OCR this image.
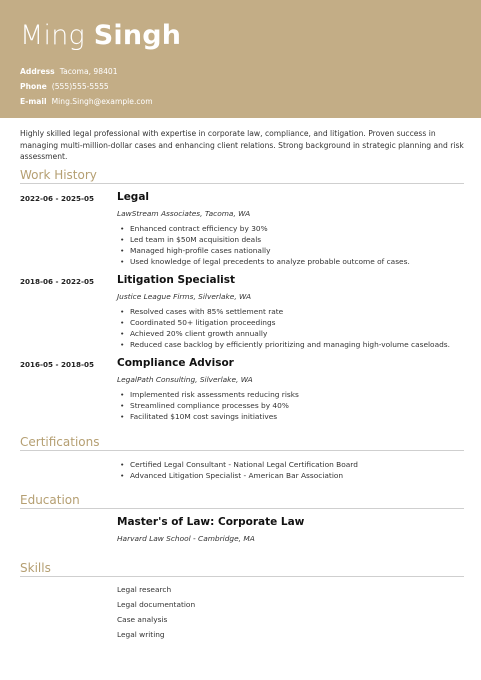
Ming Singh
Address Tacoma, 98401
Phone (555)555-5555
E-mail Ming.Singh@example.com
Highly skilled legal professional with expertise in corporate law, compliance, and litigation. Proven success in managing multi-million-dollar cases and enhancing client relations. Strong background in strategic planning and risk assessment.
Work History
2022-06 - 2025-05 Legal
LawStream Associates, Tacoma, WA
• Enhanced contract efficiency by 30%
• Led team in $50M acquisition deals
• Managed high-profile cases nationally
• Used knowledge of legal precedents to analyze probable outcome of cases.
2018-06 - 2022-05 Litigation Specialist
Justice League Firms, Silverlake, WA
• Resolved cases with 85% settlement rate
• Coordinated 50+ litigation proceedings
• Achieved 20% client growth annually
• Reduced case backlog by efficiently prioritizing and managing high-volume caseloads.
2016-05 - 2018-05 Compliance Advisor
LegalPath Consulting, Silverlake, WA
• Implemented risk assessments reducing risks
• Streamlined compliance processes by 40%
• Facilitated $10M cost savings initiatives
Certifications
• Certified Legal Consultant - National Legal Certification Board
• Advanced Litigation Specialist - American Bar Association
Education
Master's of Law: Corporate Law
Harvard Law School - Cambridge, MA
Skills
Legal research
Legal documentation
Case analysis
Legal writing
